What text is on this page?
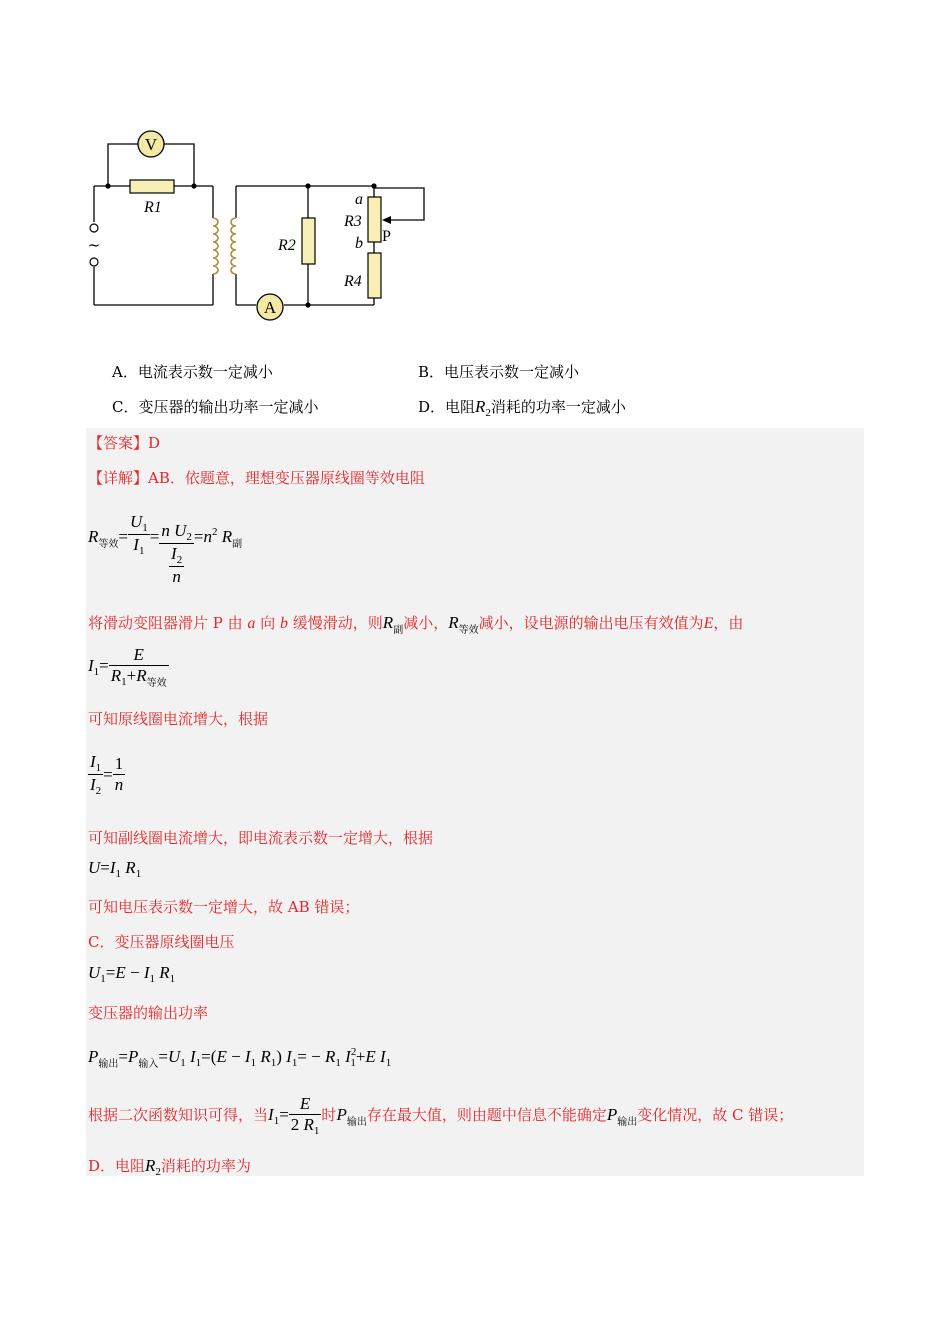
V
A
~
R1
R2
a
R3
b P
R4
A．电流表示数一定减小	B．电压表示数一定减小
C．变压器的输出功率一定减小	D．电阻$R_2$消耗的功率一定减小
【答案】D
【详解】AB．依题意，理想变压器原线圈等效电阻
$R_{等效}= \frac{U_1}{I_1} = \frac{n U_2}{\frac{I_2}{n}} =n^2$ $R_副$
将滑动变阻器滑片 P 由 a 向 b 缓慢滑动，则$R_副$减小，$R_{等效}$减小，设电源的输出电压有效值为E，由
$I_1= \frac{E}{R_1+R_{等效}}$
可知原线圈电流增大，根据
$\frac{I_1}{I_2} = \frac{1}{n}$
可知副线圈电流增大，即电流表示数一定增大，根据
$U=I_1$ $R_1$
可知电压表示数一定增大，故 AB 错误；
C．变压器原线圈电压
$U_1=E - I_1$ $R_1$
变压器的输出功率
$P_{输出}=P_{输入}=U_1$ $I_1=(E - I_1$ $R_1$) $I_1= - R_1$ $I^2_1+E$ $I_1$
根据二次函数知识可得，当$I_1= \frac{E}{2 R_1}$ 时$P_{输出}$存在最大值，则由题中信息不能确定$P_{输出}$变化情况，故 C 错误；
D．电阻$R_2$消耗的功率为
